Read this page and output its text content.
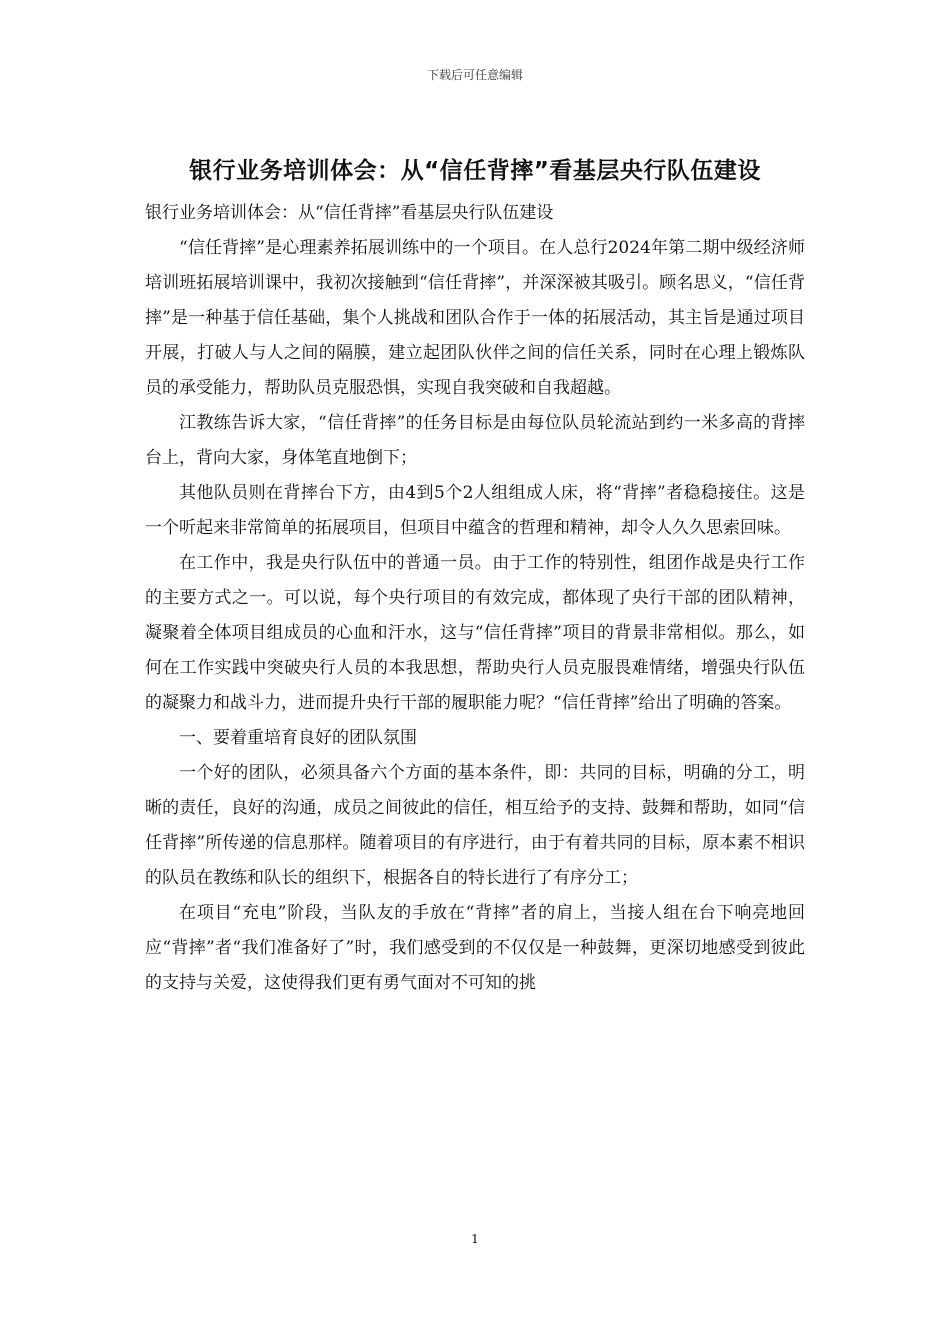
下载后可任意编辑
银行业务培训体会：从“信任背摔”看基层央行队伍建设

银行业务培训体会：从“信任背摔”看基层央行队伍建设

“信任背摔”是心理素养拓展训练中的一个项目。在人总行2024年第二期中级经济师培训班拓展培训课中，我初次接触到“信任背摔”，并深深被其吸引。顾名思义，“信任背摔”是一种基于信任基础，集个人挑战和团队合作于一体的拓展活动，其主旨是通过项目开展，打破人与人之间的隔膜，建立起团队伙伴之间的信任关系，同时在心理上锻炼队员的承受能力，帮助队员克服恐惧，实现自我突破和自我超越。

江教练告诉大家，“信任背摔”的任务目标是由每位队员轮流站到约一米多高的背摔台上，背向大家，身体笔直地倒下；

其他队员则在背摔台下方，由4到5个2人组组成人床，将“背摔”者稳稳接住。这是一个听起来非常简单的拓展项目，但项目中蕴含的哲理和精神，却令人久久思索回味。

在工作中，我是央行队伍中的普通一员。由于工作的特别性，组团作战是央行工作的主要方式之一。可以说，每个央行项目的有效完成，都体现了央行干部的团队精神，凝聚着全体项目组成员的心血和汗水，这与“信任背摔”项目的背景非常相似。那么，如何在工作实践中突破央行人员的本我思想，帮助央行人员克服畏难情绪，增强央行队伍的凝聚力和战斗力，进而提升央行干部的履职能力呢？“信任背摔”给出了明确的答案。

一、要着重培育良好的团队氛围

一个好的团队，必须具备六个方面的基本条件，即：共同的目标，明确的分工，明晰的责任，良好的沟通，成员之间彼此的信任，相互给予的支持、鼓舞和帮助，如同“信任背摔”所传递的信息那样。随着项目的有序进行，由于有着共同的目标，原本素不相识的队员在教练和队长的组织下，根据各自的特长进行了有序分工；

在项目“充电”阶段，当队友的手放在“背摔”者的肩上，当接人组在台下响亮地回应“背摔”者“我们准备好了”时，我们感受到的不仅仅是一种鼓舞，更深切地感受到彼此的支持与关爱，这使得我们更有勇气面对不可知的挑

1
